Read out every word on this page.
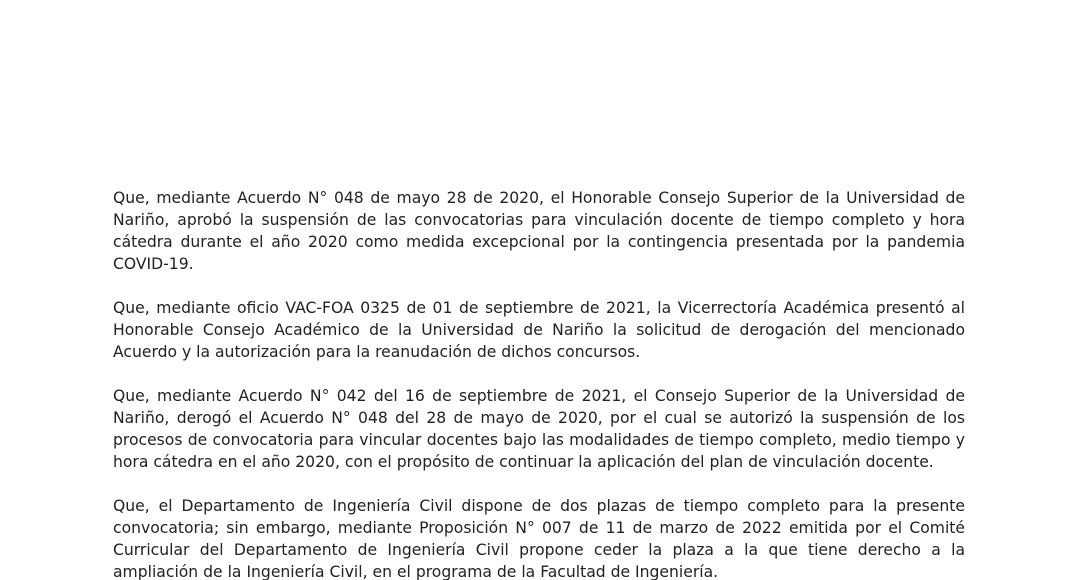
Que, mediante Acuerdo N° 048 de mayo 28 de 2020, el Honorable Consejo Superior de la Universidad de Nariño, aprobó la suspensión de las convocatorias para vinculación docente de tiempo completo y hora cátedra durante el año 2020 como medida excepcional por la contingencia presentada por la pandemia COVID-19.

Que, mediante oficio VAC-FOA 0325 de 01 de septiembre de 2021, la Vicerrectoría Académica presentó al Honorable Consejo Académico de la Universidad de Nariño la solicitud de derogación del mencionado Acuerdo y la autorización para la reanudación de dichos concursos.

Que, mediante Acuerdo N° 042 del 16 de septiembre de 2021, el Consejo Superior de la Universidad de Nariño, derogó el Acuerdo N° 048 del 28 de mayo de 2020, por el cual se autorizó la suspensión de los procesos de convocatoria para vincular docentes bajo las modalidades de tiempo completo, medio tiempo y hora cátedra en el año 2020, con el propósito de continuar la aplicación del plan de vinculación docente.

Que, el Departamento de Ingeniería Civil dispone de dos plazas de tiempo completo para la presente convocatoria; sin embargo, mediante Proposición N° 007 de 11 de marzo de 2022 emitida por el Comité Curricular del Departamento de Ingeniería Civil propone ceder la plaza a la que tiene derecho a la ampliación de la Ingeniería Civil, en el programa de la Facultad de Ingeniería.
